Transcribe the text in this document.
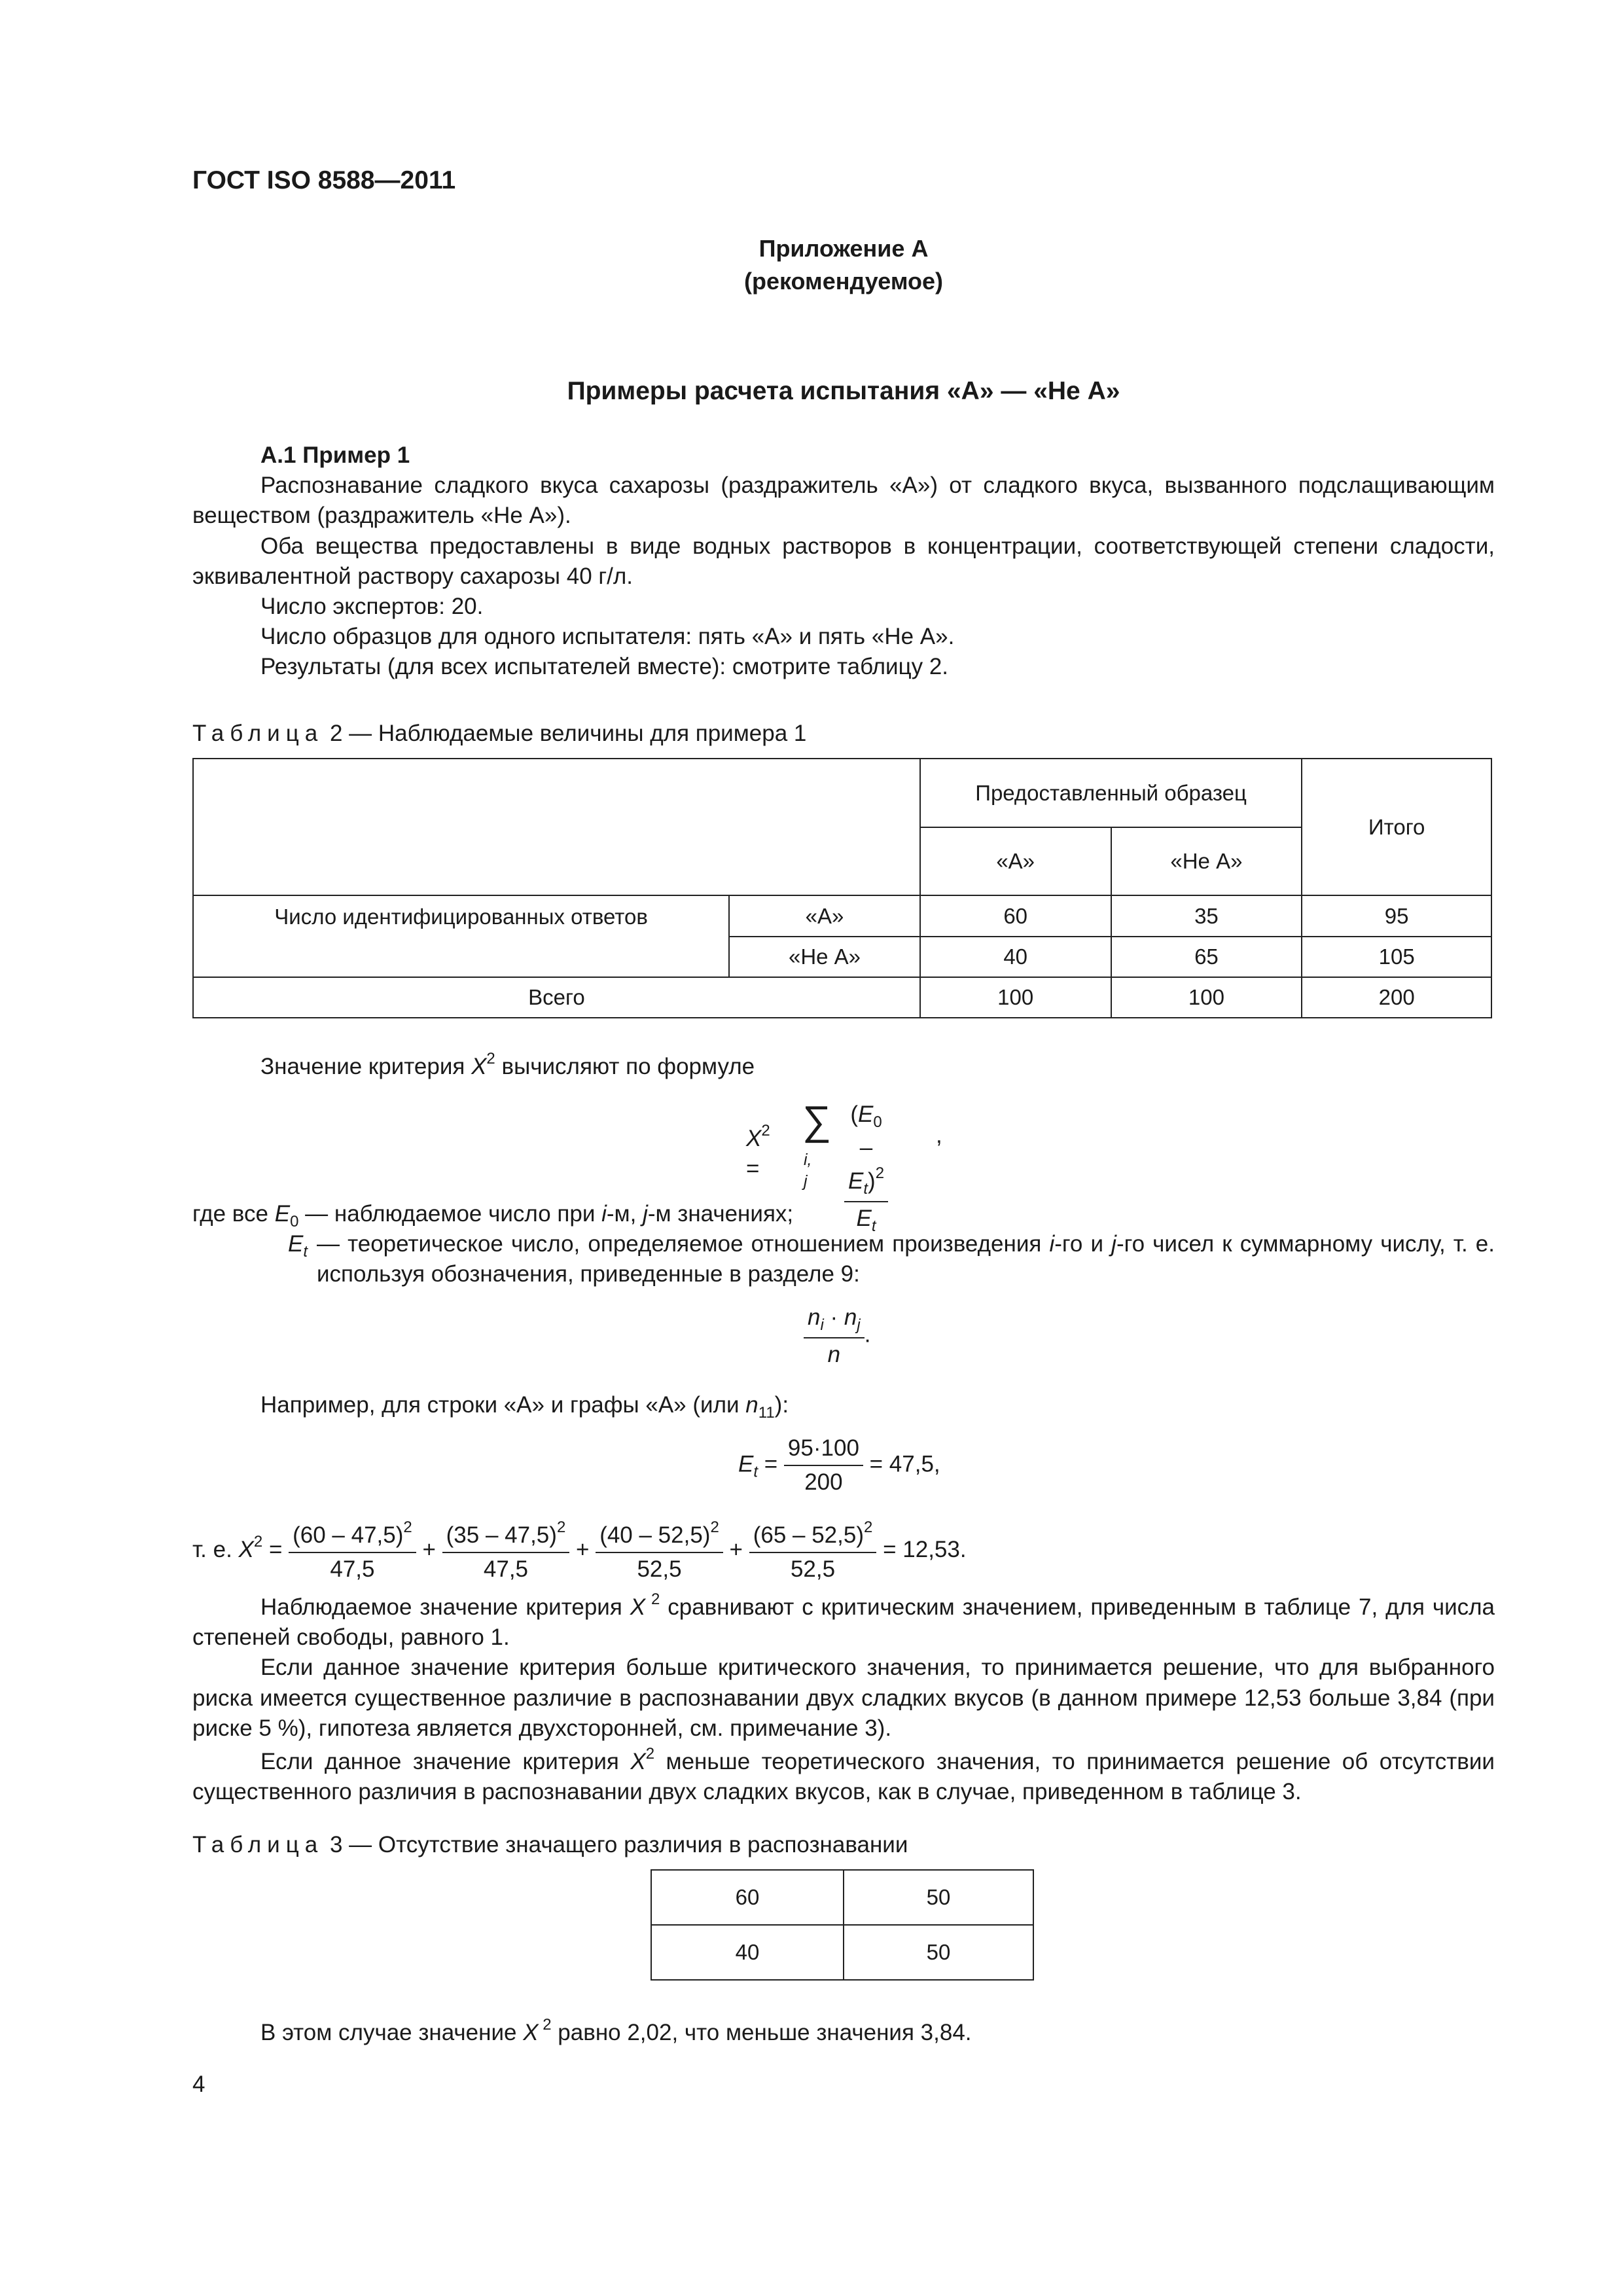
ГОСТ ISO 8588—2011
Приложение А
(рекомендуемое)
Примеры расчета испытания «А» — «Не А»

А.1 Пример 1

Распознавание сладкого вкуса сахарозы (раздражитель «А») от сладкого вкуса, вызванного подслащивающим веществом (раздражитель «Не А»).

Оба вещества предоставлены в виде водных растворов в концентрации, соответствующей степени сладости, эквивалентной раствору сахарозы 40 г/л.

Число экспертов: 20.

Число образцов для одного испытателя: пять «А» и пять «Не А».

Результаты (для всех испытателей вместе): смотрите таблицу 2.

Таблица 2 — Наблюдаемые величины для примера 1
		Предоставленный образец		Итого
		«А»	«Не А»	
Число идентифицированных ответов	«А»	60	35	95
	«Не А»	40	65	105
Всего		100	100	200
Значение критерия $X^2$ вычисляют по формуле
$X^2$ =
∑
i, j $\frac{(E_0 - E_t)^2}{E_t}$ ,
где все $E_0$ — наблюдаемое число при i-м, j-м значениях;
$E_t$ — теоретическое число, определяемое отношением произведения i-го и j-го чисел к суммарному числу, т. е. используя обозначения, приведенные в разделе 9:

$\frac{n_i \cdot n_j}{n}$ .
Например, для строки «А» и графы «А» (или $n_{11}$):
$E_t = \frac{95\cdot 100}{200} = 47,5$,
т. е. $X^2 = \frac{(60 - 47,5)^2}{47,5} + \frac{(35 - 47,5)^2}{47,5} + \frac{(40 - 52,5)^2}{52,5} + \frac{(65 - 52,5)^2}{52,5} = 12,53$.

Наблюдаемое значение критерия X $^2$ сравнивают с критическим значением, приведенным в таблице 7, для числа степеней свободы, равного 1.

Если данное значение критерия больше критического значения, то принимается решение, что для выбранного риска имеется существенное различие в распознавании двух сладких вкусов (в данном примере 12,53 больше 3,84 (при риске 5 %), гипотеза является двухсторонней, см. примечание 3).

Если данное значение критерия $X^2$ меньше теоретического значения, то принимается решение об отсутствии существенного различия в распознавании двух сладких вкусов, как в случае, приведенном в таблице 3.

Таблица 3 — Отсутствие значащего различия в распознавании
60	50
40	50
В этом случае значение X $^2$ равно 2,02, что меньше значения 3,84.
4
